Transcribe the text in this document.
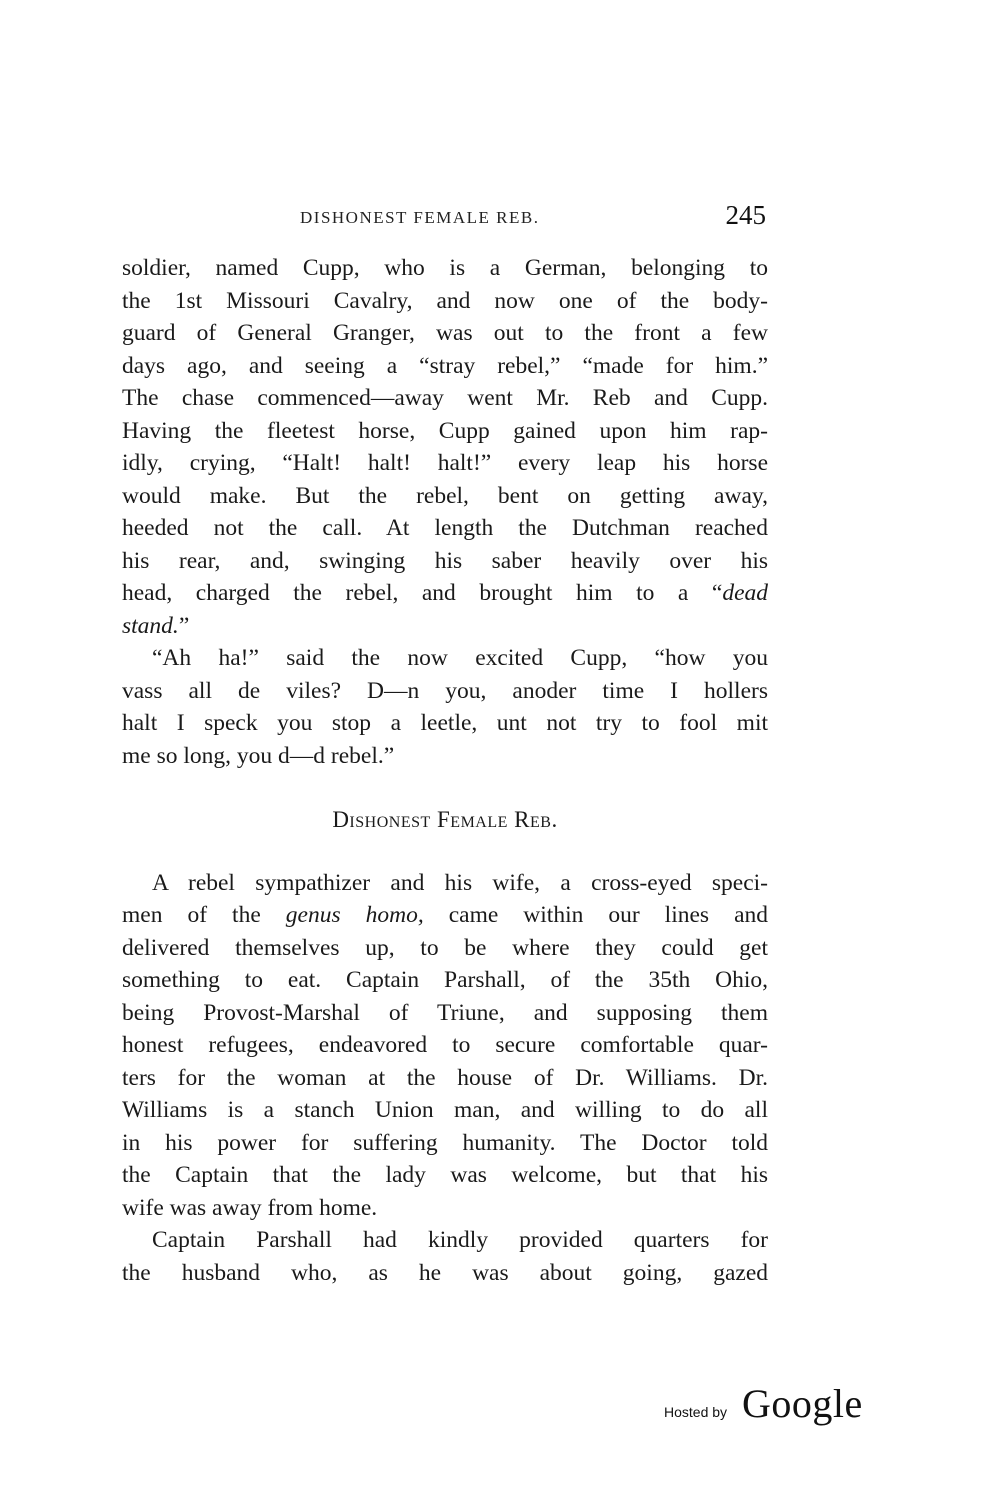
DISHONEST FEMALE REB.	245
soldier, named Cupp, who is a German, belonging to
the 1st Missouri Cavalry, and now one of the body-
guard of General Granger, was out to the front a few
days ago, and seeing a “stray rebel,” “made for him.”
The chase commenced—away went Mr. Reb and Cupp.
Having the fleetest horse, Cupp gained upon him rap-
idly, crying, “Halt! halt! halt!” every leap his horse
would make. But the rebel, bent on getting away,
heeded not the call. At length the Dutchman reached
his rear, and, swinging his saber heavily over his
head, charged the rebel, and brought him to a “dead
stand.”
“Ah ha!” said the now excited Cupp, “how you
vass all de viles? D—n you, anoder time I hollers
halt I speck you stop a leetle, unt not try to fool mit
me so long, you d—d rebel.”
Dishonest Female Reb.
A rebel sympathizer and his wife, a cross-eyed speci-
men of the genus homo, came within our lines and
delivered themselves up, to be where they could get
something to eat. Captain Parshall, of the 35th Ohio,
being Provost-Marshal of Triune, and supposing them
honest refugees, endeavored to secure comfortable quar-
ters for the woman at the house of Dr. Williams. Dr.
Williams is a stanch Union man, and willing to do all
in his power for suffering humanity. The Doctor told
the Captain that the lady was welcome, but that his
wife was away from home.
Captain Parshall had kindly provided quarters for
the husband who, as he was about going, gazed
Hosted by Google
